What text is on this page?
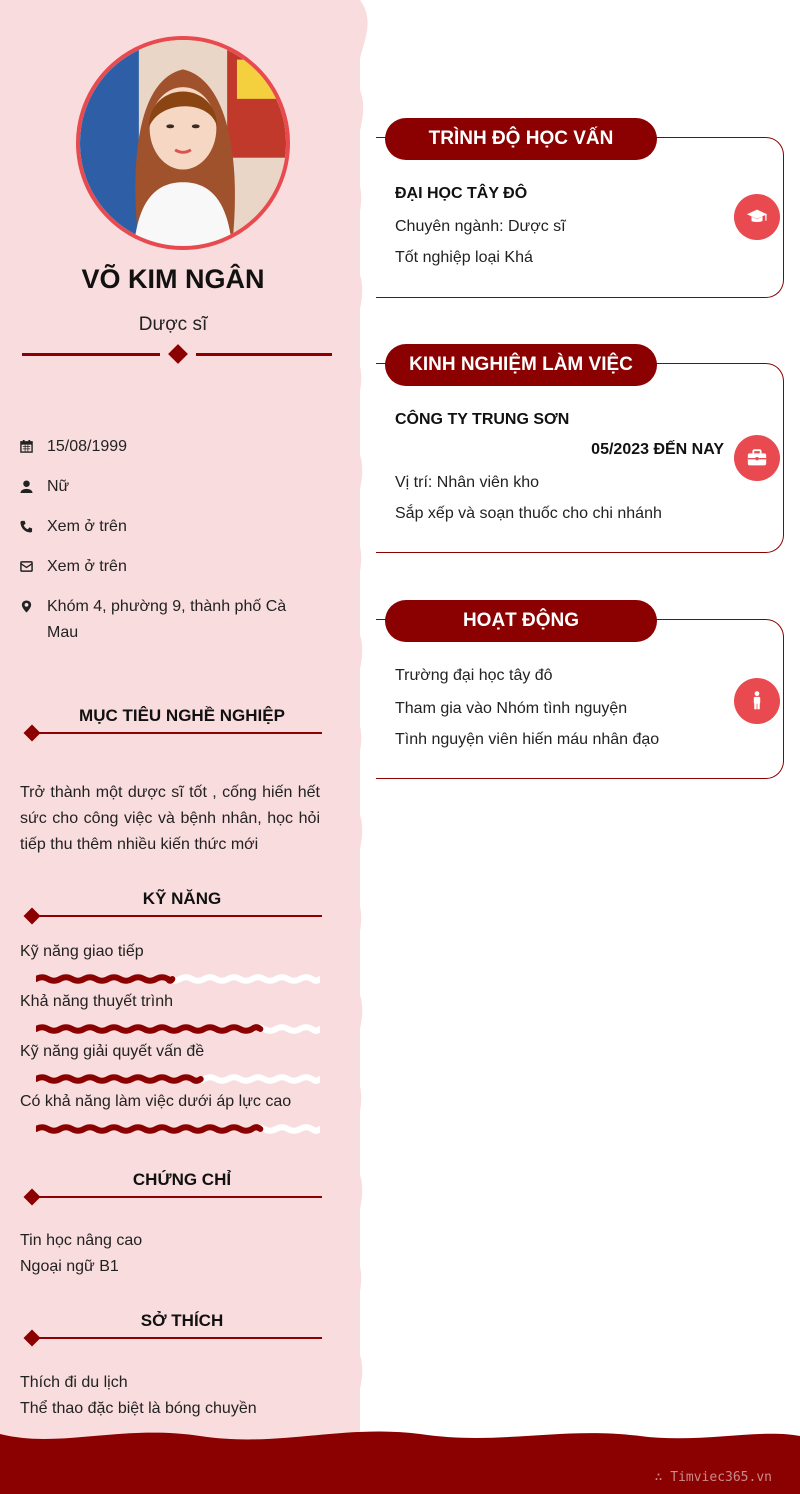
VÕ KIM NGÂN
Dược sĩ
15/08/1999
Nữ
Xem ở trên
Xem ở trên
Khóm 4, phường 9, thành phố Cà Mau
MỤC TIÊU NGHỀ NGHIỆP
Trở thành một dược sĩ tốt , cống hiến hết sức cho công việc và bệnh nhân, học hỏi tiếp thu thêm nhiều kiến thức mới
KỸ NĂNG
Kỹ năng giao tiếp
Khả năng thuyết trình
Kỹ năng giải quyết vấn đề
Có khả năng làm việc dưới áp lực cao
CHỨNG CHỈ
Tin học nâng cao
Ngoại ngữ B1
SỞ THÍCH
Thích đi du lịch
Thể thao đặc biệt là bóng chuyền
TRÌNH ĐỘ HỌC VẤN
ĐẠI HỌC TÂY ĐÔ
Chuyên ngành: Dược sĩ
Tốt nghiệp loại Khá
KINH NGHIỆM LÀM VIỆC
CÔNG TY TRUNG SƠN
05/2023 ĐẾN NAY
Vị trí: Nhân viên kho
Sắp xếp và soạn thuốc cho chi nhánh
HOẠT ĐỘNG
Trường đại học tây đô
Tham gia vào Nhóm tình nguyện
Tình nguyện viên hiến máu nhân đạo
∴ Timviec365.vn
